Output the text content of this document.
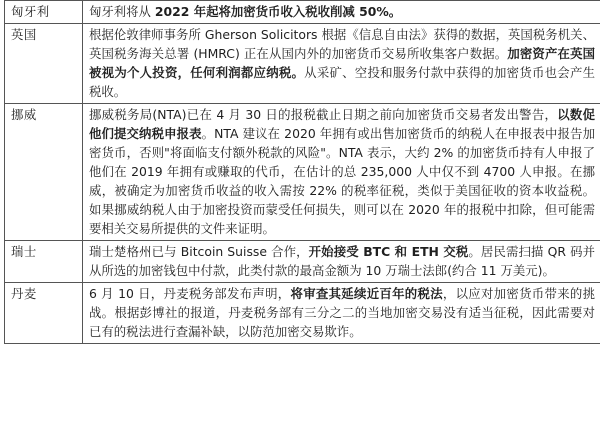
匈牙利	匈牙利将从 2022 年起将加密货币收入税收削减 50%。
英国	根据伦敦律师事务所 Gherson Solicitors 根据《信息自由法》获得的数据，英国税务机关、英国税务海关总署 (HMRC) 正在从国内外的加密货币交易所收集客户数据。加密资产在英国被视为个人投资，任何利润都应纳税。从采矿、空投和服务付款中获得的加密货币也会产生税收。
挪威	挪威税务局(NTA)已在 4 月 30 日的报税截止日期之前向加密货币交易者发出警告，以数促他们提交纳税申报表。NTA 建议在 2020 年拥有或出售加密货币的纳税人在申报表中报告加密货币，否则"将面临支付额外税款的风险"。NTA 表示，大约 2% 的加密货币持有人申报了他们在 2019 年拥有或赚取的代币，在估计的总 235,000 人中仅不到 4700 人申报。在挪威，被确定为加密货币收益的收入需按 22% 的税率征税，类似于美国征收的资本收益税。如果挪威纳税人由于加密投资而蒙受任何损失，则可以在 2020 年的报税中扣除，但可能需要相关交易所提供的文件来证明。
瑞士	瑞士楚格州已与 Bitcoin Suisse 合作，开始接受 BTC 和 ETH 交税。居民需扫描 QR 码并从所选的加密钱包中付款，此类付款的最高金额为 10 万瑞士法郎(约合 11 万美元)。
丹麦	6 月 10 日，丹麦税务部发布声明，将审查其延续近百年的税法，以应对加密货币带来的挑战。根据彭博社的报道，丹麦税务部有三分之二的当地加密交易没有适当征税，因此需要对已有的税法进行查漏补缺，以防范加密交易欺诈。
